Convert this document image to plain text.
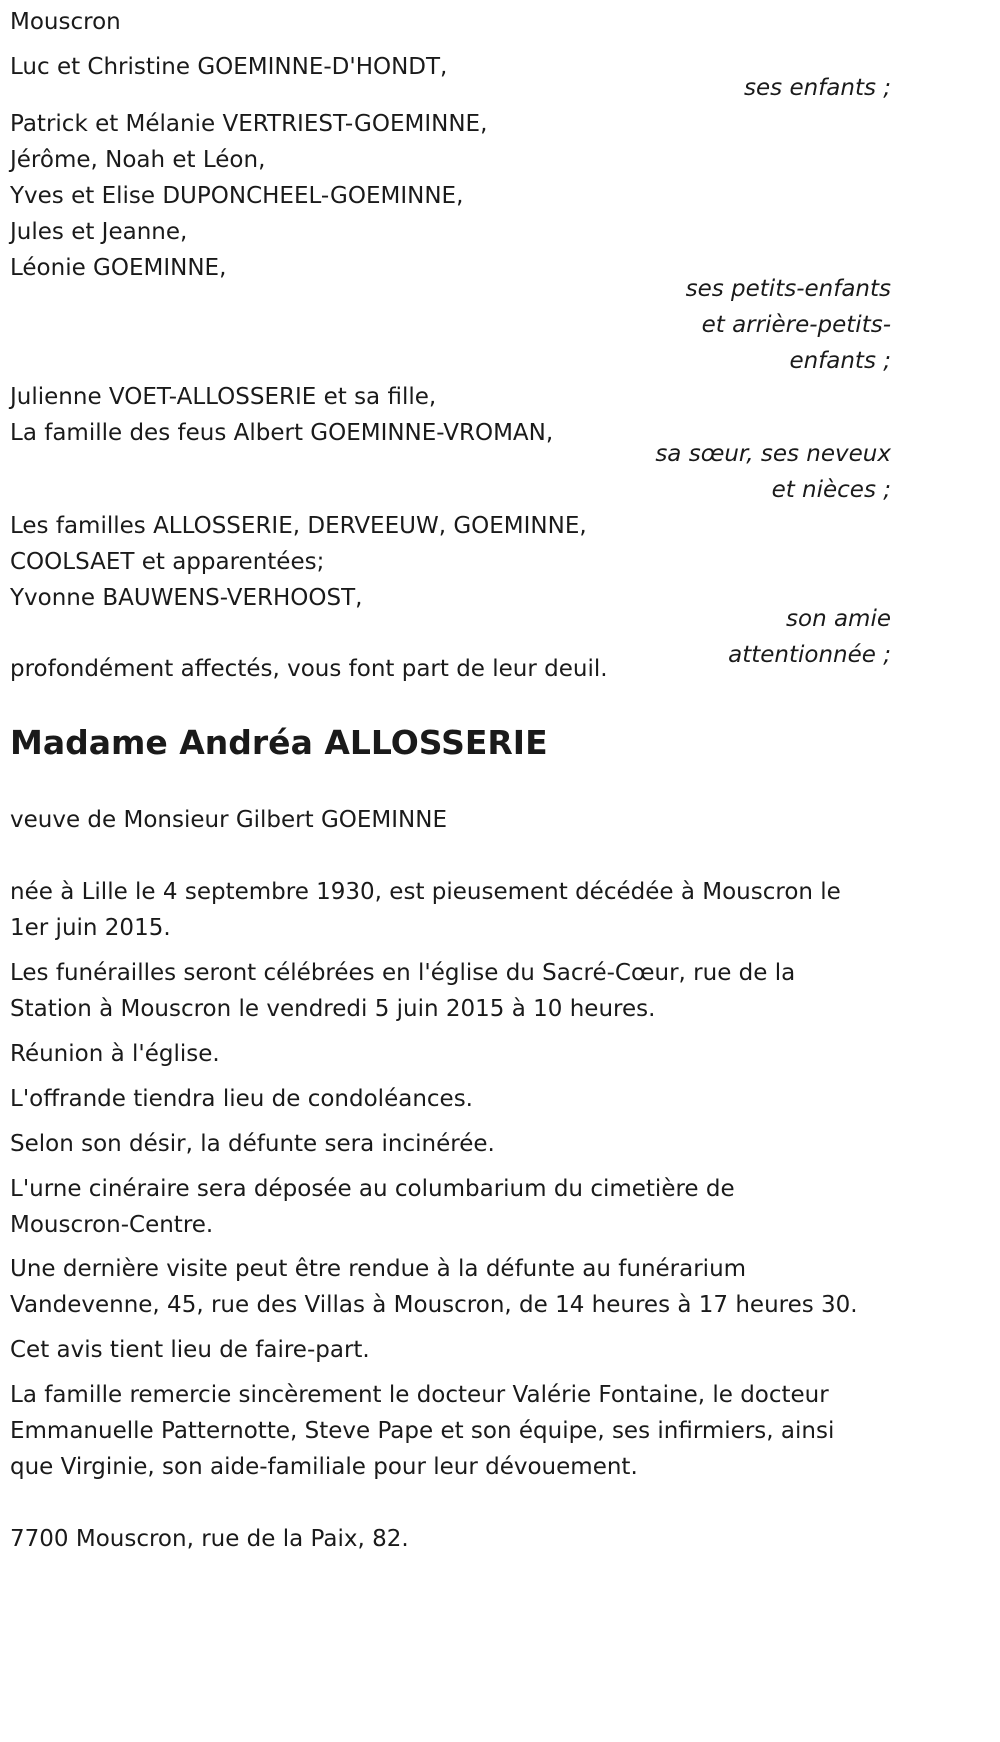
Mouscron
Luc et Christine GOEMINNE-D'HONDT,
ses enfants ;
Patrick et Mélanie VERTRIEST-GOEMINNE,
Jérôme, Noah et Léon,
Yves et Elise DUPONCHEEL-GOEMINNE,
Jules et Jeanne,
Léonie GOEMINNE,
ses petits-enfants
et arrière-petits-
enfants ;
Julienne VOET-ALLOSSERIE et sa fille,
La famille des feus Albert GOEMINNE-VROMAN,
sa sœur, ses neveux
et nièces ;
Les familles ALLOSSERIE, DERVEEUW, GOEMINNE,
COOLSAET et apparentées;
Yvonne BAUWENS-VERHOOST,
son amie
attentionnée ;
profondément affectés, vous font part de leur deuil.
Madame Andréa ALLOSSERIE
veuve de Monsieur Gilbert GOEMINNE
née à Lille le 4 septembre 1930, est pieusement décédée à Mouscron le
1er juin 2015.
Les funérailles seront célébrées en l'église du Sacré-Cœur, rue de la
Station à Mouscron le vendredi 5 juin 2015 à 10 heures.
Réunion à l'église.
L'offrande tiendra lieu de condoléances.
Selon son désir, la défunte sera incinérée.
L'urne cinéraire sera déposée au columbarium du cimetière de
Mouscron-Centre.
Une dernière visite peut être rendue à la défunte au funérarium
Vandevenne, 45, rue des Villas à Mouscron, de 14 heures à 17 heures 30.
Cet avis tient lieu de faire-part.
La famille remercie sincèrement le docteur Valérie Fontaine, le docteur
Emmanuelle Patternotte, Steve Pape et son équipe, ses infirmiers, ainsi
que Virginie, son aide-familiale pour leur dévouement.
7700 Mouscron, rue de la Paix, 82.
